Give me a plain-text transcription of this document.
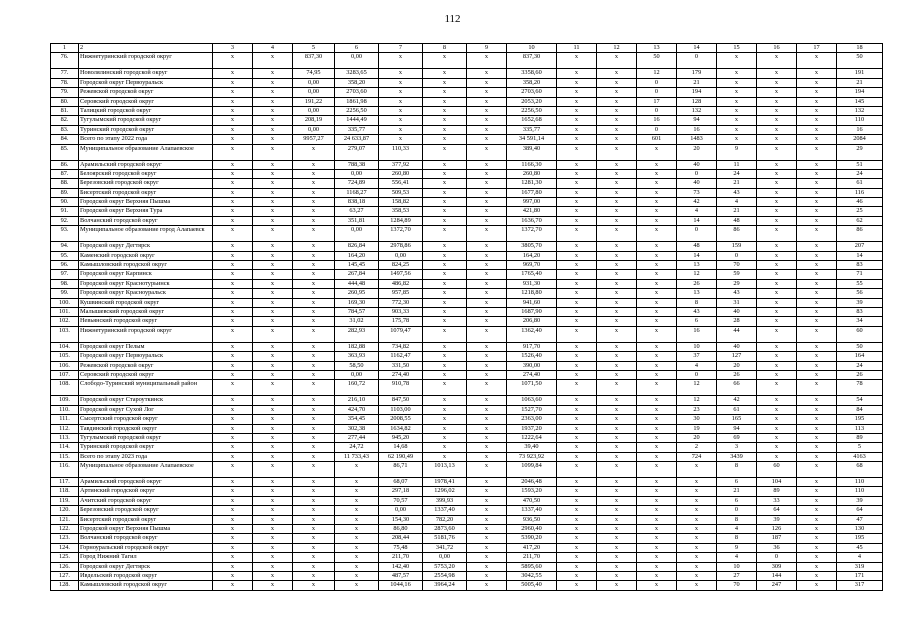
112
1	2	3	4	5	6	7	8	9	10	11	12	13	14	15	16	17	18
76.	Нижнетуринский городской округ	x	x	837,30	0,00	x	x	x	837,30	x	x	50	0	x	x	x	50
77.	Новолялинский городской округ	x	x	74,95	3283,65	x	x	x	3358,60	x	x	12	179	x	x	x	191
78.	Городской округ Первоуральск	x	x	0,00	358,20	x	x	x	358,20	x	x	0	21	x	x	x	21
79.	Режевской городской округ	x	x	0,00	2703,60	x	x	x	2703,60	x	x	0	194	x	x	x	194
80.	Серовский городской округ	x	x	191,22	1861,98	x	x	x	2053,20	x	x	17	128	x	x	x	145
81.	Талицкий городской округ	x	x	0,00	2256,50	x	x	x	2256,50	x	x	0	132	x	x	x	132
82.	Тугулымский городской округ	x	x	208,19	1444,49	x	x	x	1652,68	x	x	16	94	x	x	x	110
83.	Туринский городской округ	x	x	0,00	335,77	x	x	x	335,77	x	x	0	16	x	x	x	16
84.	Всего по этапу 2022 года	x	x	9957,27	24 633,87	x	x	x	34 591,14	x	x	601	1483	x	x	x	2084
85.	Муниципальное образование Алапаевское	x	x	x	279,07	110,33	x	x	389,40	x	x	x	20	9	x	x	29
86.	Арамильский городской округ	x	x	x	788,38	377,92	x	x	1166,30	x	x	x	40	11	x	x	51
87.	Белоярский городской округ	x	x	x	0,00	260,80	x	x	260,80	x	x	x	0	24	x	x	24
88.	Березовский городской округ	x	x	x	724,89	556,41	x	x	1281,30	x	x	x	40	21	x	x	61
89.	Бисертский городской округ	x	x	x	1168,27	509,53	x	x	1677,80	x	x	x	73	43	x	x	116
90.	Городской округ Верхняя Пышма	x	x	x	838,18	158,82	x	x	997,00	x	x	x	42	4	x	x	46
91.	Городской округ Верхняя Тура	x	x	x	63,27	358,53	x	x	421,80	x	x	x	4	21	x	x	25
92.	Волчанский городской округ	x	x	x	351,81	1284,89	x	x	1636,70	x	x	x	14	48	x	x	62
93.	Муниципальное образование город Алапаевск	x	x	x	0,00	1372,70	x	x	1372,70	x	x	x	0	86	x	x	86
94.	Городской округ Дегтярск	x	x	x	826,84	2978,86	x	x	3805,70	x	x	x	48	159	x	x	207
95.	Каменский городской округ	x	x	x	164,20	0,00	x	x	164,20	x	x	x	14	0	x	x	14
96.	Камышловский городской округ	x	x	x	145,45	824,25	x	x	969,70	x	x	x	13	70	x	x	83
97.	Городской округ Карпинск	x	x	x	267,84	1497,56	x	x	1765,40	x	x	x	12	59	x	x	71
98.	Городской округ Краснотурьинск	x	x	x	444,48	486,82	x	x	931,30	x	x	x	26	29	x	x	55
99.	Городской округ Красноуральск	x	x	x	260,95	957,85	x	x	1218,80	x	x	x	13	43	x	x	56
100.	Кушвинский городской округ	x	x	x	169,30	772,30	x	x	941,60	x	x	x	8	31	x	x	39
101.	Малышевский городской округ	x	x	x	784,57	903,33	x	x	1687,90	x	x	x	43	40	x	x	83
102.	Невьянский городской округ	x	x	x	31,02	175,78	x	x	206,80	x	x	x	6	28	x	x	34
103.	Нижнетуринский городской округ	x	x	x	282,93	1079,47	x	x	1362,40	x	x	x	16	44	x	x	60
104.	Городской округ Пелым	x	x	x	182,88	734,82	x	x	917,70	x	x	x	10	40	x	x	50
105.	Городской округ Первоуральск	x	x	x	363,93	1162,47	x	x	1526,40	x	x	x	37	127	x	x	164
106.	Режевской городской округ	x	x	x	58,50	331,50	x	x	390,00	x	x	x	4	20	x	x	24
107.	Серовский городской округ	x	x	x	0,00	274,40	x	x	274,40	x	x	x	0	26	x	x	26
108.	Слободо-Туринский муниципальный район	x	x	x	160,72	910,78	x	x	1071,50	x	x	x	12	66	x	x	78
109.	Городской округ Староуткинск	x	x	x	216,10	847,50	x	x	1063,60	x	x	x	12	42	x	x	54
110.	Городской округ Сухой Лог	x	x	x	424,70	1103,00	x	x	1527,70	x	x	x	23	61	x	x	84
111.	Сысертский городской округ	x	x	x	354,45	2008,55	x	x	2363,00	x	x	x	30	165	x	x	195
112.	Тавдинский городской округ	x	x	x	302,38	1634,82	x	x	1937,20	x	x	x	19	94	x	x	113
113.	Тугулымский городской округ	x	x	x	277,44	945,20	x	x	1222,64	x	x	x	20	69	x	x	89
114.	Туринский городской округ	x	x	x	24,72	14,68	x	x	39,40	x	x	x	2	3	x	x	5
115.	Всего по этапу 2023 года	x	x	x	11 733,43	62 190,49	x	x	73 923,92	x	x	x	724	3439	x	x	4163
116.	Муниципальное образование Алапаевское	x	x	x	x	86,71	1013,13	x	1099,84	x	x	x	x	8	60	x	68
117.	Арамильский городской округ	x	x	x	x	68,07	1978,41	x	2046,48	x	x	x	x	6	104	x	110
118.	Артинский городской округ	x	x	x	x	297,18	1296,02	x	1593,20	x	x	x	x	21	89	x	110
119.	Ачитский городской округ	x	x	x	x	70,57	399,93	x	470,50	x	x	x	x	6	33	x	39
120.	Березовский городской округ	x	x	x	x	0,00	1337,40	x	1337,40	x	x	x	x	0	64	x	64
121.	Бисертский городской округ	x	x	x	x	154,30	782,20	x	936,50	x	x	x	x	8	39	x	47
122.	Городской округ Верхняя Пышма	x	x	x	x	86,80	2873,60	x	2960,40	x	x	x	x	4	126	x	130
123.	Волчанский городской округ	x	x	x	x	208,44	5181,76	x	5390,20	x	x	x	x	8	187	x	195
124.	Горноуральский городской округ	x	x	x	x	75,48	341,72	x	417,20	x	x	x	x	9	36	x	45
125.	Город Нижний Тагил	x	x	x	x	211,70	0,00	x	211,70	x	x	x	x	4	0	x	4
126.	Городской округ Дегтярск	x	x	x	x	142,40	5753,20	x	5895,60	x	x	x	x	10	309	x	319
127.	Ивдельский городской округ	x	x	x	x	487,57	2554,98	x	3042,55	x	x	x	x	27	144	x	171
128.	Камышловский городской округ	x	x	x	x	1044,16	3964,24	x	5005,40	x	x	x	x	70	247	x	317
